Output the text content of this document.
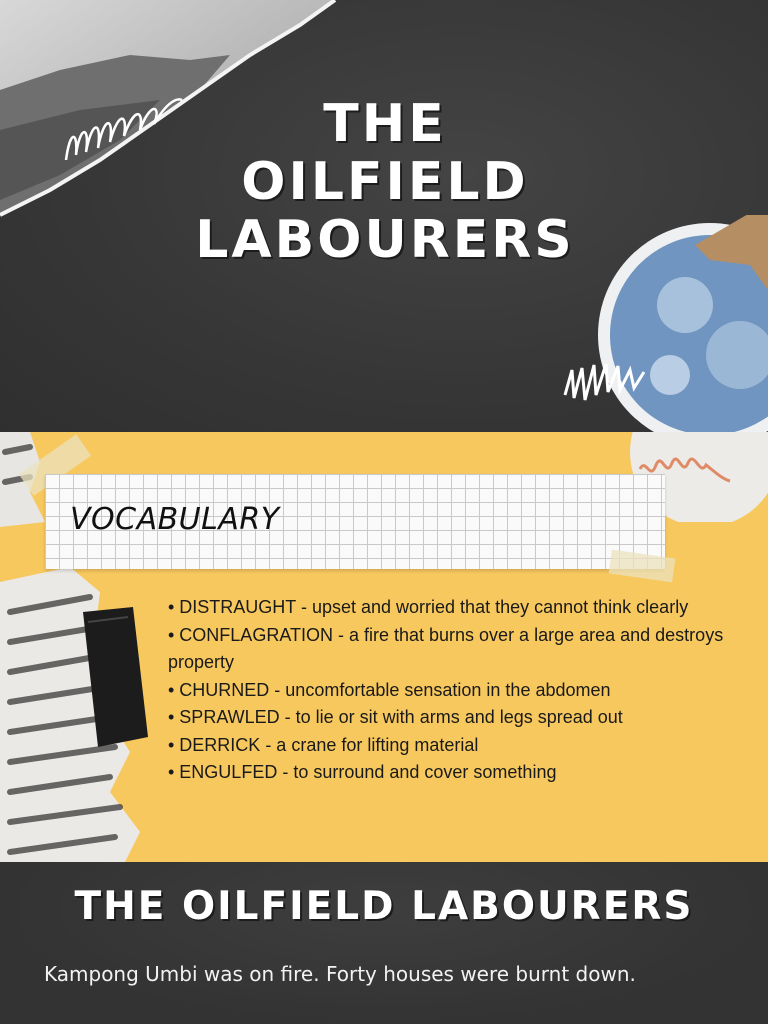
THE
OILFIELD
LABOURERS
VOCABULARY
• DISTRAUGHT - upset and worried that they cannot think clearly
• CONFLAGRATION - a fire that burns over a large area and destroys property
• CHURNED - uncomfortable sensation in the abdomen
• SPRAWLED - to lie or sit with arms and legs spread out
• DERRICK - a crane for lifting material
• ENGULFED - to surround and cover something
THE OILFIELD LABOURERS
Kampong Umbi was on fire. Forty houses were burnt down.
